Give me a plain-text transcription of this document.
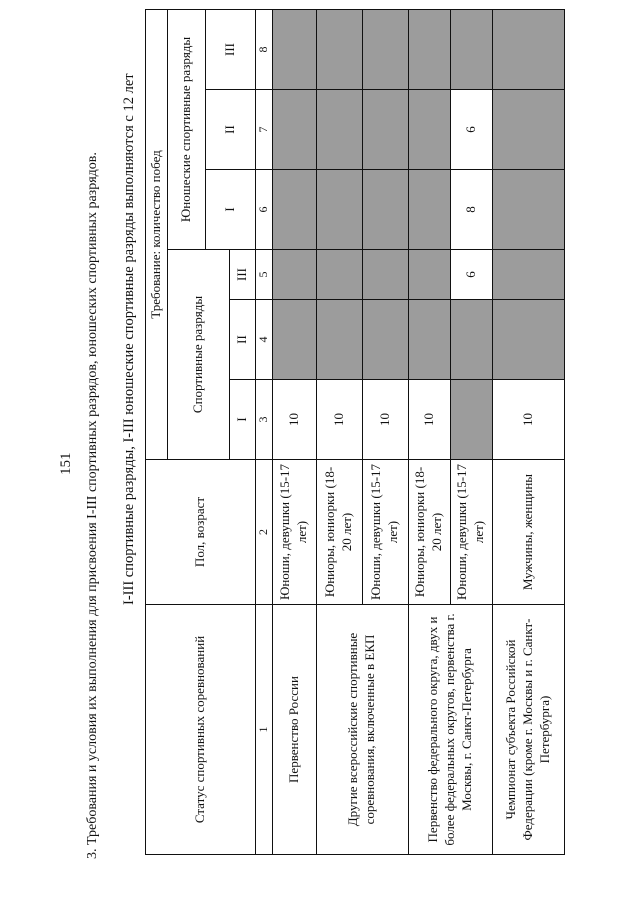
151 3. Требования и условия их выполнения для присвоения I-III спортивных разрядов, юношеских спортивных разрядов. I-III спортивные разряды, I-III юношеские спортивные разряды выполняются с 12 лет
Статус спортивных соревнований	Пол, возраст	Требование: количество побед					
		Спортивные разряды			Юношеские спортивные разряды		
					I	II	III
		I	II	III			
1	2	3	4	5	6	7	8
Первенство России	Юноши, девушки (15-17 лет)	10					
Другие всероссийские спортивные соревнования, включенные в ЕКП	Юниоры, юниорки (18-20 лет)	10					
	Юноши, девушки (15-17 лет)	10					
Первенство федерального округа, двух и более федеральных округов, первенства г. Москвы, г. Санкт-Петербурга	Юниоры, юниорки (18-20 лет)	10					
	Юноши, девушки (15-17 лет)			6	8	6	
Чемпионат субъекта Российской Федерации (кроме г. Москвы и г. Санкт-Петербурга)	Мужчины, женщины	10					
